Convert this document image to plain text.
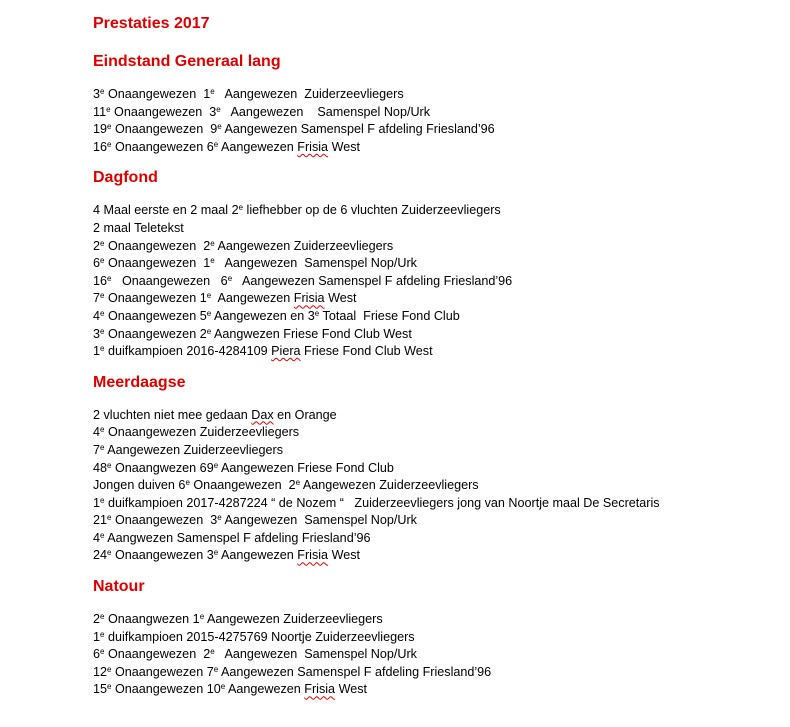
Prestaties 2017
Eindstand Generaal lang
3e Onaangewezen  1e   Aangewezen  Zuiderzeevliegers
11e Onaangewezen  3e   Aangewezen    Samenspel Nop/Urk
19e Onaangewezen  9e Aangewezen Samenspel F afdeling Friesland’96
16e Onaangewezen 6e Aangewezen Frisia West
Dagfond
4 Maal eerste en 2 maal 2e liefhebber op de 6 vluchten Zuiderzeevliegers
2 maal Teletekst
2e Onaangewezen  2e Aangewezen Zuiderzeevliegers
6e Onaangewezen  1e   Aangewezen  Samenspel Nop/Urk
16e   Onaangewezen   6e   Aangewezen Samenspel F afdeling Friesland’96
7e Onaangewezen 1e  Aangewezen Frisia West
4e Onaangewezen 5e Aangewezen en 3e Totaal  Friese Fond Club
3e Onaangewezen 2e Aangwezen Friese Fond Club West
1e duifkampioen 2016-4284109 Piera Friese Fond Club West
Meerdaagse
2 vluchten niet mee gedaan Dax en Orange
4e Onaangewezen Zuiderzeevliegers
7e Aangewezen Zuiderzeevliegers
48e Onaangwezen 69e Aangewezen Friese Fond Club
Jongen duiven 6e Onaangewezen  2e Aangewezen Zuiderzeevliegers
1e duifkampioen 2017-4287224 “ de Nozem “   Zuiderzeevliegers jong van Noortje maal De Secretaris
21e Onaangewezen  3e Aangewezen  Samenspel Nop/Urk
4e Aangwezen Samenspel F afdeling Friesland’96
24e Onaangewezen 3e Aangewezen Frisia West
Natour
2e Onaangwezen 1e Aangewezen Zuiderzeevliegers
1e duifkampioen 2015-4275769 Noortje Zuiderzeevliegers
6e Onaangewezen  2e   Aangewezen  Samenspel Nop/Urk
12e Onaangewezen 7e Aangewezen Samenspel F afdeling Friesland’96
15e Onaangewezen 10e Aangewezen Frisia West
